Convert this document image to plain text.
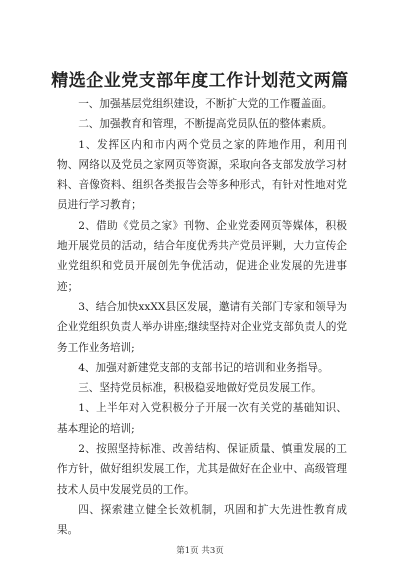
精选企业党支部年度工作计划范文两篇

一、加强基层党组织建设，不断扩大党的工作覆盖面。

二、加强教育和管理，不断提高党员队伍的整体素质。

1、发挥区内和市内两个党员之家的阵地作用，利用刊物、网络以及党员之家网页等资源，采取向各支部发放学习材料、音像资料、组织各类报告会等多种形式，有针对性地对党员进行学习教育；

2、借助《党员之家》刊物、企业党委网页等媒体，积极地开展党员的活动，结合年度优秀共产党员评剿，大力宣传企业党组织和党员开展创先争优活动，促进企业发展的先进事迹；

3、结合加快xxXX县区发展，邀请有关部门专家和领导为企业党组织负责人举办讲座;继续坚持对企业党支部负责人的党务工作业务培训;

4、加强对新建党支部的支部书记的培训和业务指导。

三、坚持党员标准，积极稳妥地做好党员发展工作。

1、上半年对入党积极分子开展一次有关党的基础知识、基本理论的培训;

2、按照坚持标准、改善结构、保证质量、慎重发展的工作方针，做好组织发展工作，尤其是做好在企业中、高级管理技术人员中发展党员的工作。

四、探索建立健全长效机制，巩固和扩大先进性教育成果。

第1页 共3页
